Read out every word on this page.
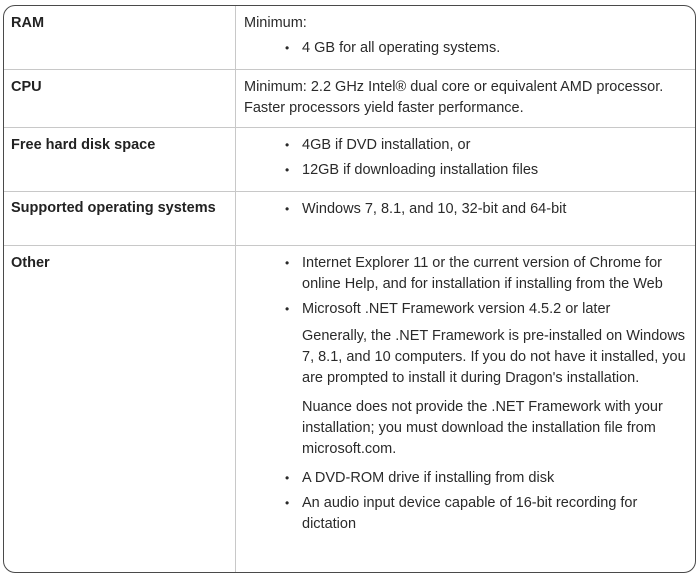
RAM	Minimum:

• 4 GB for all operating systems.

CPU	Minimum: 2.2 GHz Intel® dual core or equivalent AMD processor. Faster processors yield faster performance.

Free hard disk space	
•4GB if DVD installation, or
• 12GB if downloading installation files

Supported operating systems	
•Windows 7, 8.1, and 10, 32-bit and 64-bit

Other	
•Internet Explorer 11 or the current version of Chrome for online Help, and for installation if installing from the Web
• Microsoft .NET Framework version 4.5.2 or later

Generally, the .NET Framework is pre-installed on Windows 7, 8.1, and 10 computers. If you do not have it installed, you are prompted to install it during Dragon's installation.

Nuance does not provide the .NET Framework with your installation; you must download the installation file from microsoft.com.

• A DVD-ROM drive if installing from disk
• An audio input device capable of 16-bit recording for dictation
